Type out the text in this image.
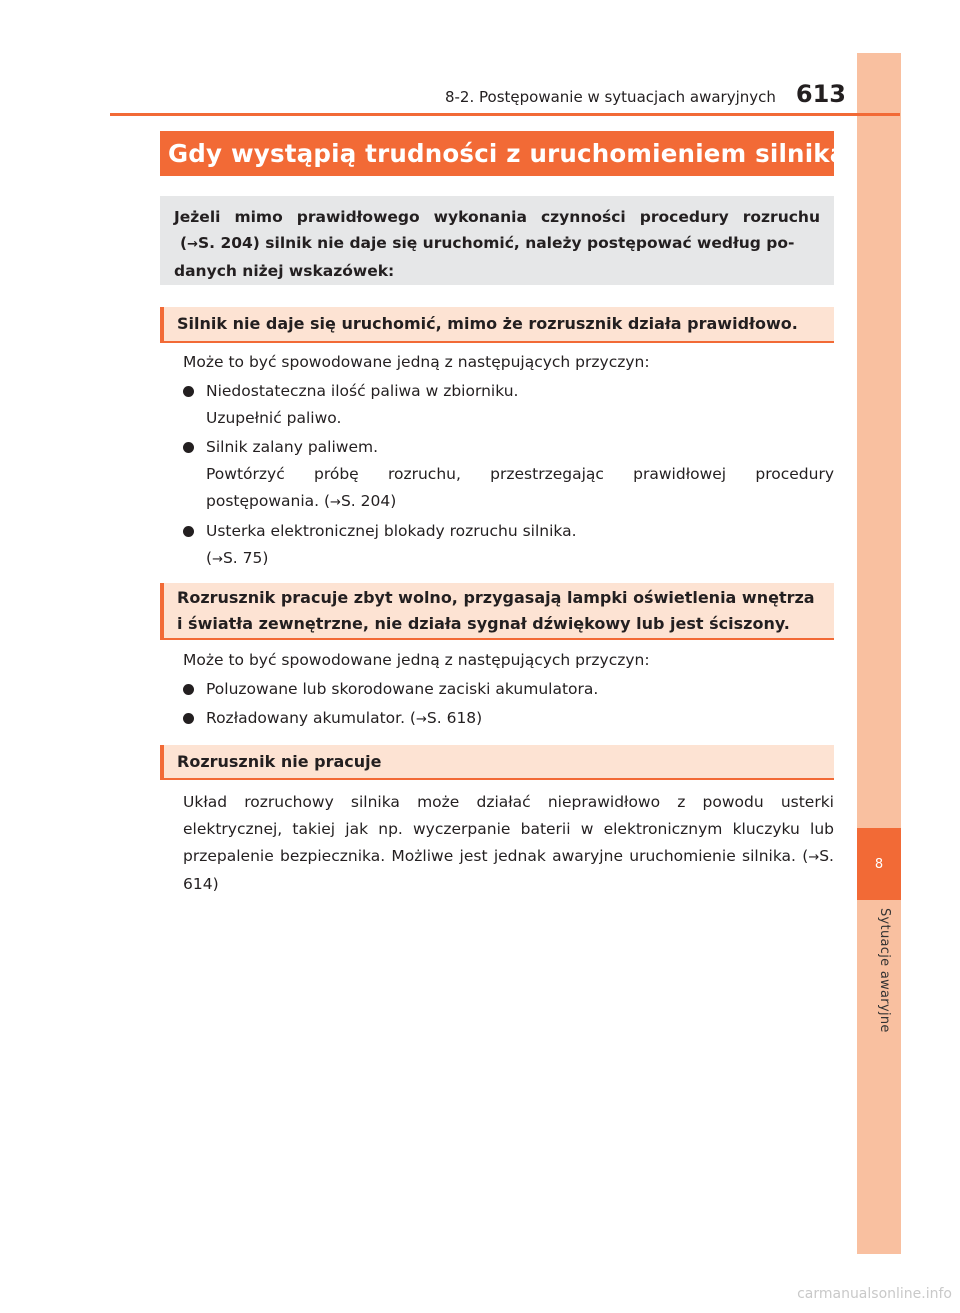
8
Sytuacje awaryjne
8-2. Postępowanie w sytuacjach awaryjnych 613
Gdy wystąpią trudności z uruchomieniem silnika
Jeżeli mimo prawidłowego wykonania czynności procedury rozruchu
(→S. 204) silnik nie daje się uruchomić, należy postępować według po-
danych niżej wskazówek:
Silnik nie daje się uruchomić, mimo że rozrusznik działa prawidłowo.
Może to być spowodowane jedną z następujących przyczyn:
Niedostateczna ilość paliwa w zbiorniku.
Uzupełnić paliwo.
Silnik zalany paliwem.
Powtórzyć próbę rozruchu, przestrzegając prawidłowej procedury
postępowania. (→S. 204)
Usterka elektronicznej blokady rozruchu silnika.
(→S. 75)
Rozrusznik pracuje zbyt wolno, przygasają lampki oświetlenia wnętrza
i światła zewnętrzne, nie działa sygnał dźwiękowy lub jest ściszony.
Może to być spowodowane jedną z następujących przyczyn:
Poluzowane lub skorodowane zaciski akumulatora.
Rozładowany akumulator. (→S. 618)
Rozrusznik nie pracuje
Układ rozruchowy silnika może działać nieprawidłowo z powodu usterki elektrycznej, takiej jak np. wyczerpanie baterii w elektronicznym kluczyku lub przepalenie bezpiecznika. Możliwe jest jednak awaryjne uruchomienie silnika. (→S. 614)
carmanualsonline.info
